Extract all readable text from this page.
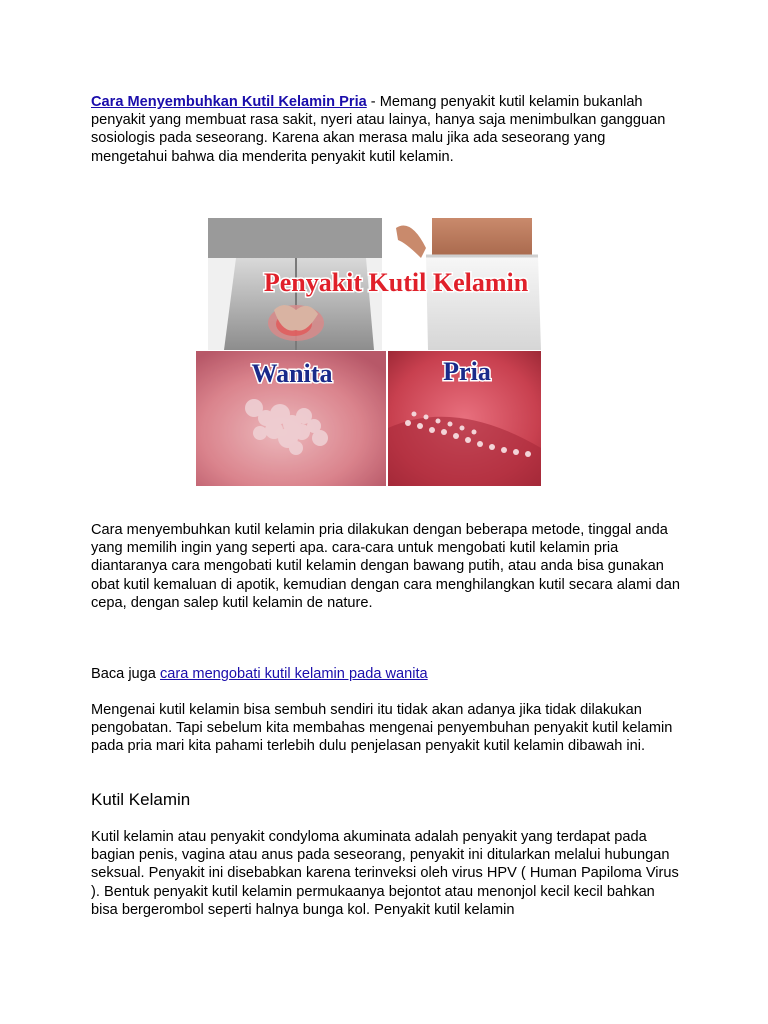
Cara Menyembuhkan Kutil Kelamin Pria - Memang penyakit kutil kelamin bukanlah penyakit yang membuat rasa sakit, nyeri atau lainya, hanya saja menimbulkan gangguan sosiologis pada seseorang. Karena akan merasa malu jika ada seseorang yang mengetahui bahwa dia menderita penyakit kutil kelamin.

Penyakit Kutil Kelamin
Wanita	Pria

Cara menyembuhkan kutil kelamin pria dilakukan dengan beberapa metode, tinggal anda yang memilih ingin yang seperti apa. cara-cara untuk mengobati kutil kelamin pria diantaranya cara mengobati kutil kelamin dengan bawang putih, atau anda bisa gunakan obat kutil kemaluan di apotik, kemudian dengan cara menghilangkan kutil secara alami dan cepa, dengan salep kutil kelamin de nature.

Baca juga cara mengobati kutil kelamin pada wanita

Mengenai kutil kelamin bisa sembuh sendiri itu tidak akan adanya jika tidak dilakukan pengobatan. Tapi sebelum kita membahas mengenai penyembuhan penyakit kutil kelamin pada pria mari kita pahami terlebih dulu penjelasan penyakit kutil kelamin dibawah ini.

Kutil Kelamin

Kutil kelamin atau penyakit condyloma akuminata adalah penyakit yang terdapat pada bagian penis, vagina atau anus pada seseorang, penyakit ini ditularkan melalui hubungan seksual. Penyakit ini disebabkan karena terinveksi oleh virus HPV ( Human Papiloma Virus ). Bentuk penyakit kutil kelamin permukaanya bejontot atau menonjol kecil kecil bahkan bisa bergerombol seperti halnya bunga kol. Penyakit kutil kelamin
